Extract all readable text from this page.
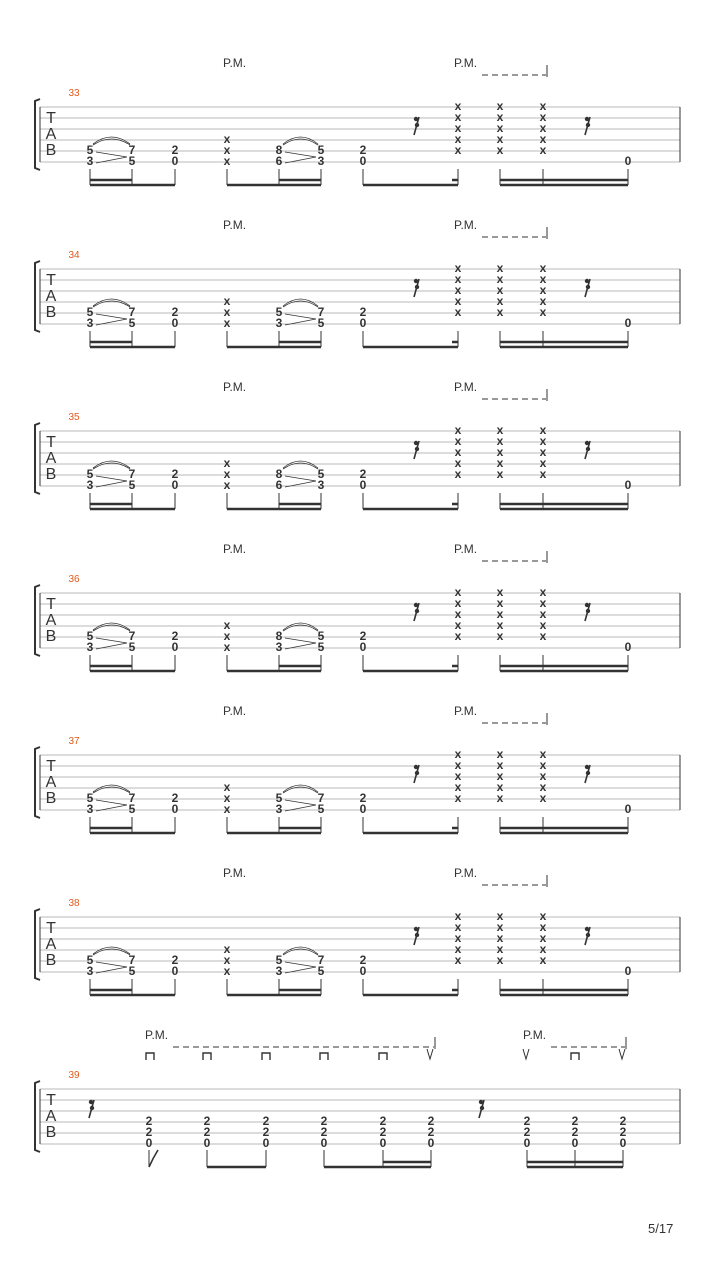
P.M.	P.M.
T
A
B
33
5
3
7
5
2
0
x
x
x
8
6
5
3
2
0
x
x
x
x
x
x
x
x
x
x
x
x
x
x
x
0
P.M.	P.M.
T
A
B
34
5
3
7
5
2
0
x
x
x
5
3
7
5
2
0
x
x
x
x
x
x
x
x
x
x
x
x
x
x
x
0
P.M.	P.M.
T
A
B
35
5
3
7
5
2
0
x
x
x
8
6
5
3
2
0
x
x
x
x
x
x
x
x
x
x
x
x
x
x
x
0
P.M.	P.M.
T
A
B
36
5
3
7
5
2
0
x
x
x
8
3
5
5
2
0
x
x
x
x
x
x
x
x
x
x
x
x
x
x
x
0
P.M.	P.M.
T
A
B
37
5
3
7
5
2
0
x
x
x
5
3
7
5
2
0
x
x
x
x
x
x
x
x
x
x
x
x
x
x
x
0
P.M.	P.M.
T
A
B
38
5
3
7
5
2
0
x
x
x
5
3
7
5
2
0
x
x
x
x
x
x
x
x
x
x
x
x
x
x
x
0
P.M.	P.M.
T
A
B
39
2
2
0
2
2
0
2
2
0
2
2
0
2
2
0
2
2
0
2
2
0
2
2
0
2
2
0
5/17
